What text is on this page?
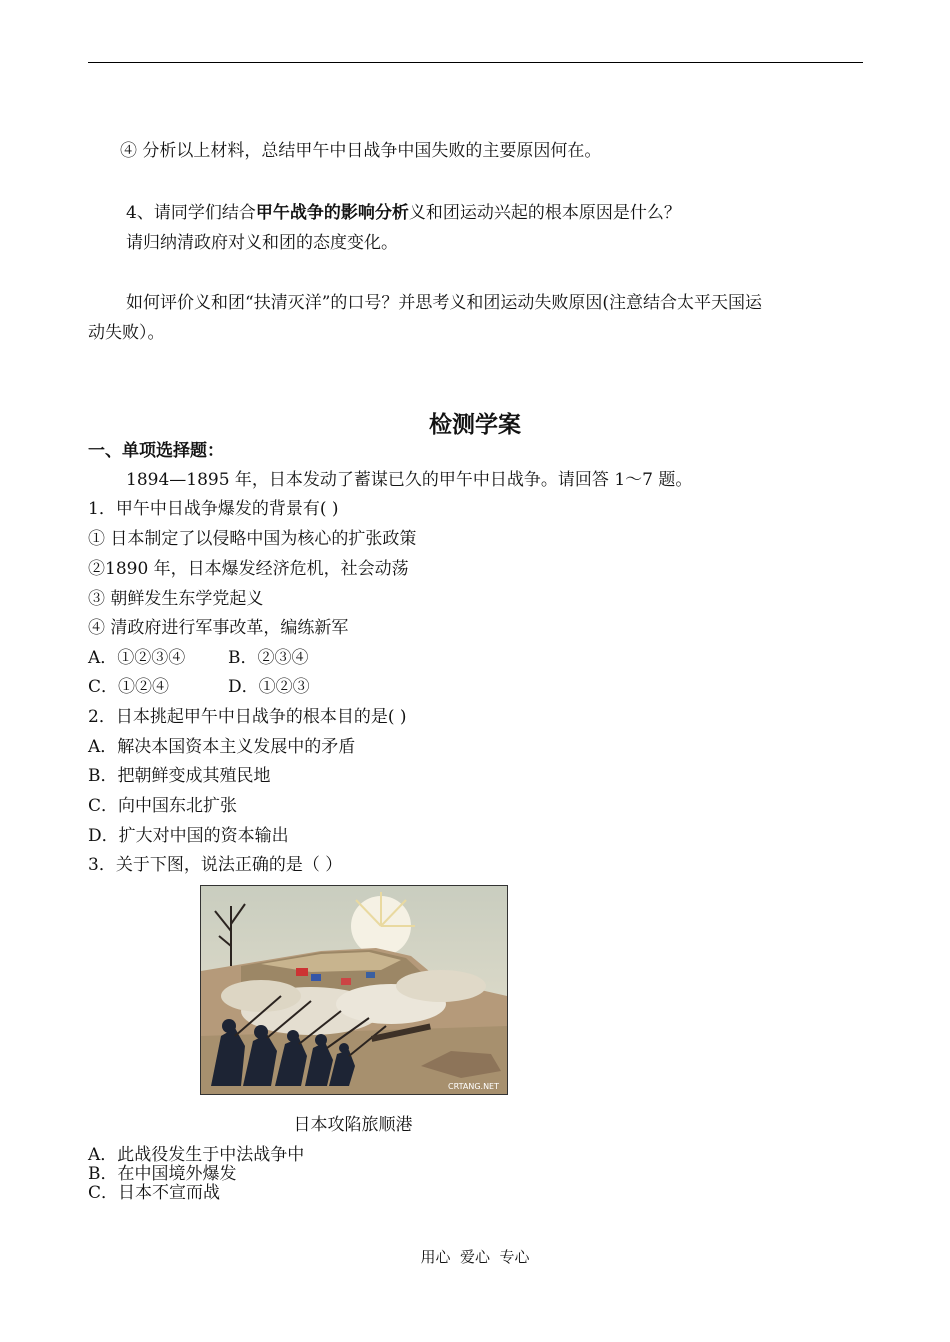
④ 分析以上材料，总结甲午中日战争中国失败的主要原因何在。
4、请同学们结合甲午战争的影响分析义和团运动兴起的根本原因是什么？
请归纳清政府对义和团的态度变化。
如何评价义和团“扶清灭洋”的口号？并思考义和团运动失败原因(注意结合太平天国运
动失败）。
检测学案
一、单项选择题：
1894—1895 年，日本发动了蓄谋已久的甲午中日战争。请回答 1～7 题。
1．甲午中日战争爆发的背景有( )
① 日本制定了以侵略中国为核心的扩张政策
②1890 年，日本爆发经济危机，社会动荡
③ 朝鲜发生东学党起义
④ 清政府进行军事改革，编练新军
A．①②③④	B．②③④
C．①②④	D．①②③
2．日本挑起甲午中日战争的根本目的是( )
A．解决本国资本主义发展中的矛盾
B．把朝鲜变成其殖民地
C．向中国东北扩张
D．扩大对中国的资本输出
3．关于下图，说法正确的是（ ）
CRTANG.NET
日本攻陷旅顺港
A．此战役发生于中法战争中
B．在中国境外爆发
C．日本不宣而战
用心  爱心  专心
